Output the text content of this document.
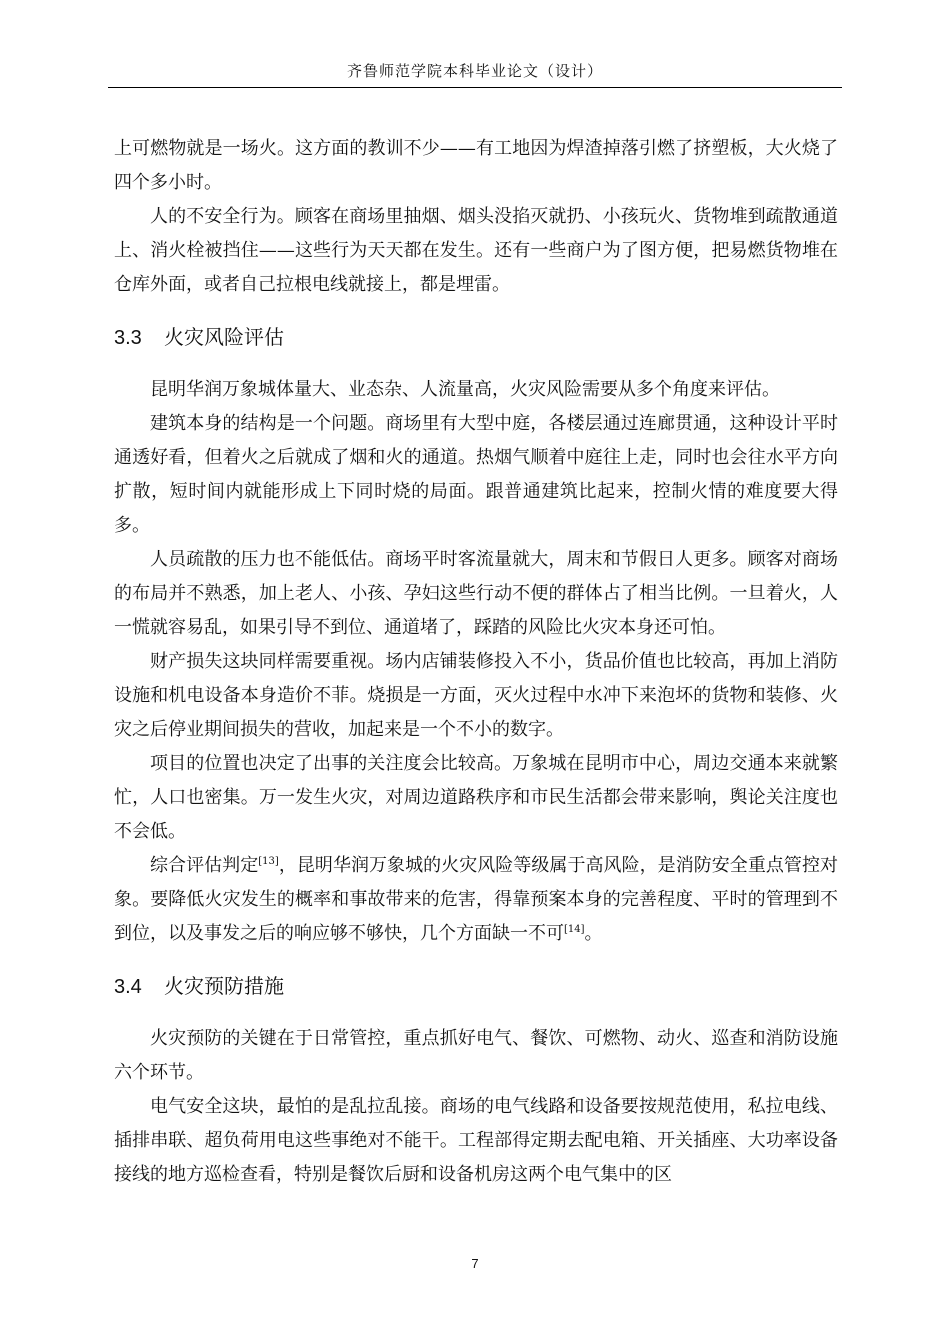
齐鲁师范学院本科毕业论文（设计）

上可燃物就是一场火。这方面的教训不少——有工地因为焊渣掉落引燃了挤塑板，大火烧了四个多小时。

人的不安全行为。顾客在商场里抽烟、烟头没掐灭就扔、小孩玩火、货物堆到疏散通道上、消火栓被挡住——这些行为天天都在发生。还有一些商户为了图方便，把易燃货物堆在仓库外面，或者自己拉根电线就接上，都是埋雷。

3.3 火灾风险评估

昆明华润万象城体量大、业态杂、人流量高，火灾风险需要从多个角度来评估。

建筑本身的结构是一个问题。商场里有大型中庭，各楼层通过连廊贯通，这种设计平时通透好看，但着火之后就成了烟和火的通道。热烟气顺着中庭往上走，同时也会往水平方向扩散，短时间内就能形成上下同时烧的局面。跟普通建筑比起来，控制火情的难度要大得多。

人员疏散的压力也不能低估。商场平时客流量就大，周末和节假日人更多。顾客对商场的布局并不熟悉，加上老人、小孩、孕妇这些行动不便的群体占了相当比例。一旦着火，人一慌就容易乱，如果引导不到位、通道堵了，踩踏的风险比火灾本身还可怕。

财产损失这块同样需要重视。场内店铺装修投入不小，货品价值也比较高，再加上消防设施和机电设备本身造价不菲。烧损是一方面，灭火过程中水冲下来泡坏的货物和装修、火灾之后停业期间损失的营收，加起来是一个不小的数字。

项目的位置也决定了出事的关注度会比较高。万象城在昆明市中心，周边交通本来就繁忙，人口也密集。万一发生火灾，对周边道路秩序和市民生活都会带来影响，舆论关注度也不会低。

综合评估判定[13]，昆明华润万象城的火灾风险等级属于高风险，是消防安全重点管控对象。要降低火灾发生的概率和事故带来的危害，得靠预案本身的完善程度、平时的管理到不到位，以及事发之后的响应够不够快，几个方面缺一不可[14]。

3.4 火灾预防措施

火灾预防的关键在于日常管控，重点抓好电气、餐饮、可燃物、动火、巡查和消防设施六个环节。

电气安全这块，最怕的是乱拉乱接。商场的电气线路和设备要按规范使用，私拉电线、插排串联、超负荷用电这些事绝对不能干。工程部得定期去配电箱、开关插座、大功率设备接线的地方巡检查看，特别是餐饮后厨和设备机房这两个电气集中的区

7
